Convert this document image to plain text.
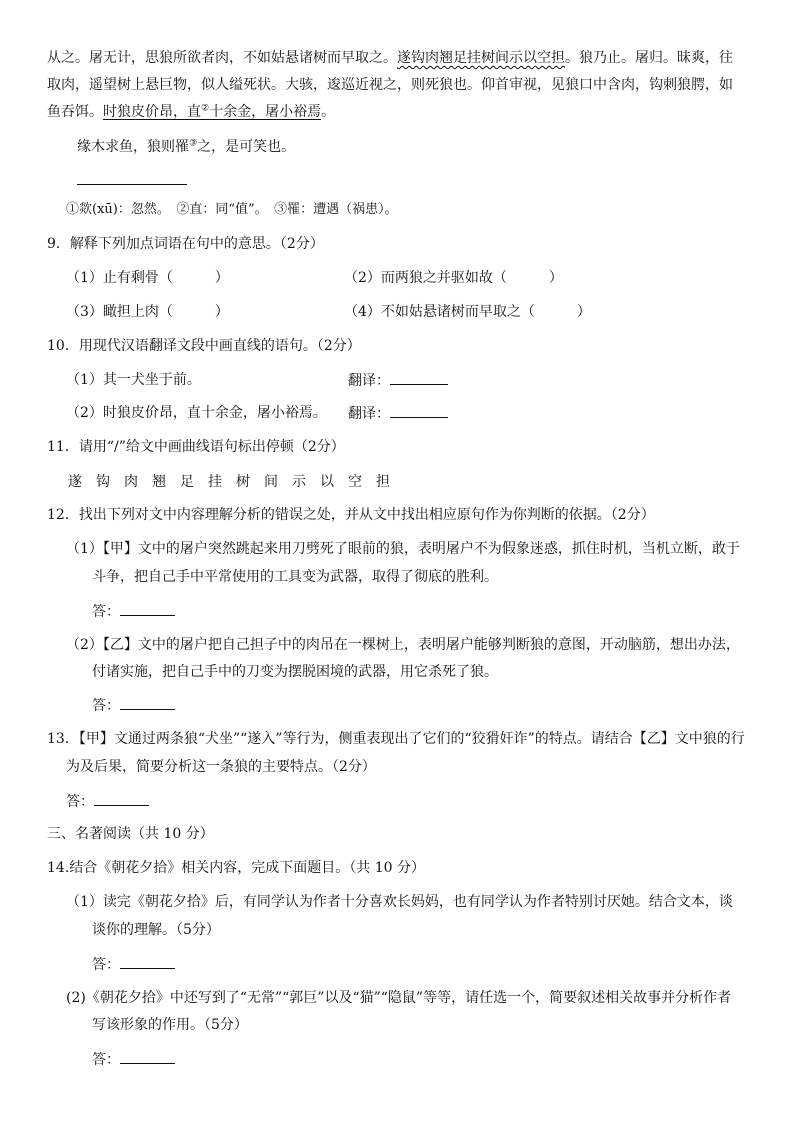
从之。屠无计，思狼所欲者肉，不如姑悬诸树而早取之。遂钩肉翘足挂树间示以空担。狼乃止。屠归。昧爽，往
取肉，遥望树上悬巨物，似人缢死状。大骇，逡巡近视之，则死狼也。仰首审视，见狼口中含肉，钩刺狼腭，如
鱼吞饵。时狼皮价昂，直②十余金，屠小裕焉。
缘木求鱼，狼则罹③之，是可笑也。
①欻(xū)：忽然。　②直：同“值”。　③罹：遭遇（祸患）。
9．解释下列加点词语在句中的意思。（2分）
（1）止有剩骨（　　　）	（2）而两狼之并驱如故（　　　）
（3）瞰担上肉（　　　）	（4）不如姑悬诸树而早取之（　　　）
10．用现代汉语翻译文段中画直线的语句。（2分）
（1）其一犬坐于前。	翻译：
（2）时狼皮价昂，直十余金，屠小裕焉。 翻译：
11．请用“/”给文中画曲线语句标出停顿（2分）
遂钩肉翘足挂树间示以空担
12．找出下列对文中内容理解分析的错误之处，并从文中找出相应原句作为你判断的依据。（2分）
（1）【甲】文中的屠户突然跳起来用刀劈死了眼前的狼，表明屠户不为假象迷惑，抓住时机，当机立断，敢于
斗争，把自己手中平常使用的工具变为武器，取得了彻底的胜利。
答：
（2）【乙】文中的屠户把自己担子中的肉吊在一棵树上，表明屠户能够判断狼的意图，开动脑筋，想出办法，
付诸实施，把自己手中的刀变为摆脱困境的武器，用它杀死了狼。
答：
13．【甲】文通过两条狼“犬坐”“遂入”等行为，侧重表现出了它们的“狡猾奸诈”的特点。请结合【乙】文中狼的行
为及后果，简要分析这一条狼的主要特点。（2分）
答：
三、名著阅读（共 10 分）
14.结合《朝花夕拾》相关内容，完成下面题目。（共 10 分）
（1）读完《朝花夕拾》后，有同学认为作者十分喜欢长妈妈，也有同学认为作者特别讨厌她。结合文本，谈
谈你的理解。（5分）
答：
(2)《朝花夕拾》中还写到了“无常”“郭巨”以及“猫”“隐鼠”等等，请任选一个，简要叙述相关故事并分析作者
写该形象的作用。（5分）
答：
